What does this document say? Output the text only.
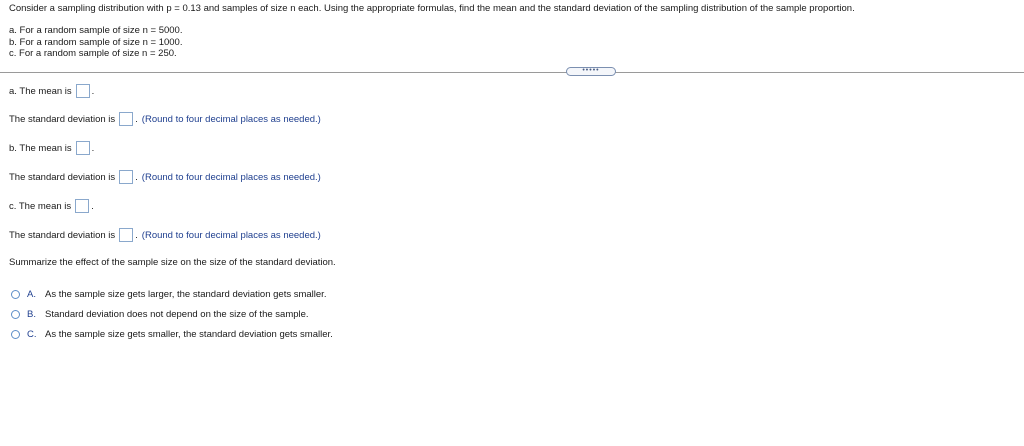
Consider a sampling distribution with p = 0.13 and samples of size n each. Using the appropriate formulas, find the mean and the standard deviation of the sampling distribution of the sample proportion.
a. For a random sample of size n = 5000.
b. For a random sample of size n = 1000.
c. For a random sample of size n = 250.
•••••
a. The mean is .
The standard deviation is . (Round to four decimal places as needed.)
b. The mean is .
The standard deviation is . (Round to four decimal places as needed.)
c. The mean is .
The standard deviation is . (Round to four decimal places as needed.)
Summarize the effect of the sample size on the size of the standard deviation.
A. As the sample size gets larger, the standard deviation gets smaller.
B. Standard deviation does not depend on the size of the sample.
C. As the sample size gets smaller, the standard deviation gets smaller.
